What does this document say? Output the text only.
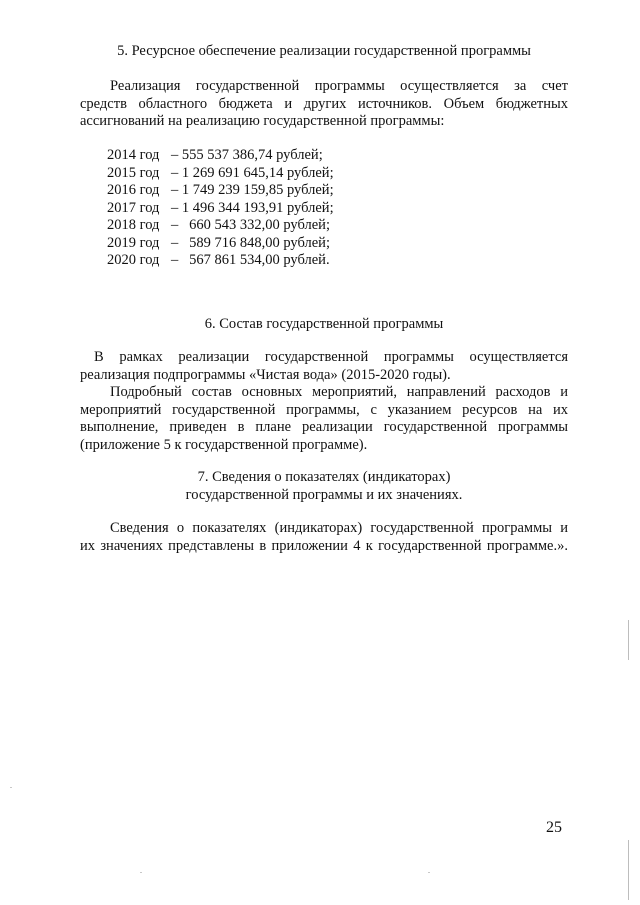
5. Ресурсное обеспечение реализации государственной программы
Реализация государственной программы осуществляется за счет
средств областного бюджета и других источников. Объем бюджетных
ассигнований на реализацию государственной программы:
2014 год – 555 537 386,74 рублей;
2015 год – 1 269 691 645,14 рублей;
2016 год – 1 749 239 159,85 рублей;
2017 год – 1 496 344 193,91 рублей;
2018 год –   660 543 332,00 рублей;
2019 год –   589 716 848,00 рублей;
2020 год –   567 861 534,00 рублей.
6. Состав государственной программы
В рамках реализации государственной программы осуществляется
реализация подпрограммы «Чистая вода» (2015-2020 годы).
Подробный состав основных мероприятий, направлений расходов и
мероприятий государственной программы, с указанием ресурсов на их
выполнение, приведен в плане реализации государственной программы
(приложение 5 к государственной программе).
7. Сведения о показателях (индикаторах)
государственной программы и их значениях.
Сведения о показателях (индикаторах) государственной программы и
их значениях представлены в приложении 4 к государственной программе.».
25
